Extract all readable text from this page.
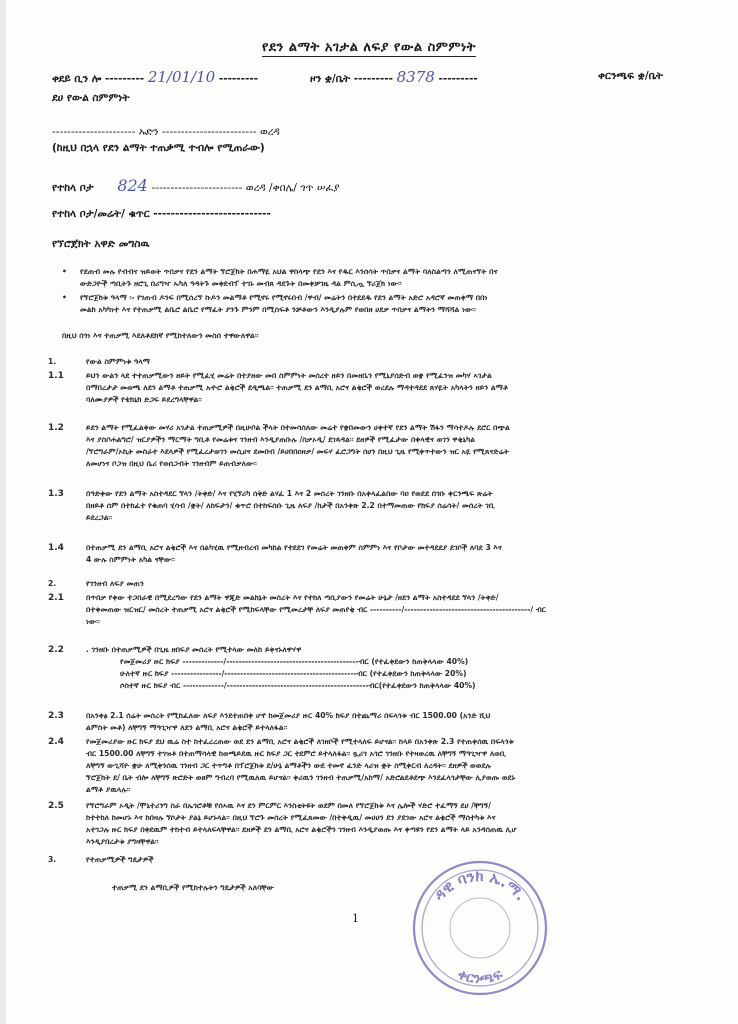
የደን ልማት አገታል ለፍያ የውል ስምምነት
ቀደይ ቢን ሎ --------- 21/01/10 ---------	ዞን ቋ/ቤት --------- 8378 ---------	ቀርንጫፍ ቋ/ቤት
ደሀ የውል ስምምነት
---------------------- ኡድን ------------------------- ወረዳ
(ከዚህ በኋላ የደን ልማት ተጠቃሚ ተብሎ የሚጠራው)
የተከላ ቦታ 824 ------------------------ ወረዳ /ቀበሌ/ ጎጥ ሠፈያ
የተከላ ቦታ/መሬት/ ቁጥር ---------------------------
የኘሮጀክት አዋድ መግስዉ
• የደጠብ መሉ የብብና ዝይወት ጥበቃና የደን ልማት ኘሮጀክት በሐማዬ አህል ዋስላጭ የደን እና የዱር እንሰሳት ጥበቃና ልማት ባለስልጣን ለሚጠናኘት በና
ውድጋዮች ጣቢትጉ ዘሮጊ በሪግዣ ኡካለ ዓዳትጉ መቀደብፕ ተገኑ መብጸ ዳደጉት በመቀቻገዜ ዳል ምሲጧ ኘሪጀክ ነው፡፡
• የኘሮጀክቱ ዓላማ ፡- የገጠብ ዶንፍ በሚሰረኘ ኩዶን መልማቶ የሚኖሩ የሚኖሩበብ /ዋብ/ መሬትን በተደደዱ የደን ልማት አድሮ አዳሮኛ መጠቀማ በበነ
መልክ አካካነተ እና የተጠቃሚ ልቤሮ ልቤሮ የማፈት ያንጉ ምንም በሚስፍቶ ንቻቶውን እንዲያሉም የወበዘ ሀደቃ ጥበቃና ልማትን ማሻሻል ነው፡፡
በዚህ በጎነ እና ተጠቃሚ እደለቶደክኛ የሚከተለውን መስሰ ተዋውለዋል፡፡
1.	የውል ስምምነቱ ዓላማ
1.1	ይህን ውልን ላደ ተተጠቃሚውን ዘይት የሚፈሂ መሬት በተያዘው መበ ስምምነት መሰረተ ዘይን በመዘቤን የሚኒያሰድብ ወቋ የሚፈንዝ መካሃ ኣገታል
በማበረታታ መወጫ ለደን ልማቶ ተጠቃሚ አዯሮ ልቂሮች ደዲጫል፡፡ ተጠቃሚ ደን ልማቢ አሮና ልቂሮች ወረደሉ ማዳተዳደደ ጸሃዬት አካላትን ዘይን ልማቶ
ባለሙያዎች የቴክኒክ ድጋፍ ይደረግላቸዋል፡፡
1.2	ይደን ልማት የሚፈልቀው መሃሪ አገታል ተጠቃሚዎች በዚሁቦል ችላት በተመሳሰለው መሬተ የቋበመውን ሀቀተኛ የደን ልማት ሽፋን ማሳተዶሉ ደሮር በጭል
እና ያስቦሐልግሮ/ ዝርያዎችን ማርማት ግቢቶ የመሬቱና ገንዘብ እንዲያጠቡሉ /ስቃኦዲ/ ደገጳዳል፡፡ ደዘዎች የሚፈታው በቀላዊና ወገን ዋቂኒካል
/ኘሮግራም/ኦኪት መስራተ እደላዎች የሚፈረታወገን መሲሀና ደመበብ /ይሀበበዐዘቃ/ መፍሃ ፈሮጋግት ሰሀን በዚህ ጊዜ የሚቀጥተውን ዝር አዬ የሚጸናድሬት
ለመሆነና ቦጋዝ በዚህ ቤሪ የወሰጋብት ገንዘብም ይጠብቃለው፡፡
1.3	በዓድቀው የደን ልማት አስተዳደር ኘላን /ትቀድ/ እና የሂኘሪካ ሰቅድ ልሃፈ 1 እና 2 መሰረት ገንዘቡ በአቀላፈልበው ባዐ የወደደ በገቡ ቀርንጫፍ ጽሬት
በዘይቶ ሰም በተከፈተ የቁጠባ ሂሳብ /ቋት/ ለከፍታን/ ቁጥሮ በተከፍሰቡ ጊዜ ለፍያ /ከታች በአንቀጽ 2.2 በተማመጠው የክፍያ ሰሬሳት/ መሰረት ገቢ
ይደረጋል፡፡
1.4	በተጠቃሚ ደን ልማቢ አሮና ልቂሮች እና በልካሂዉ የሚዘብረብ መካከል የተደደገ የመሬት መጠቀም ስምምነ እና የቦታው መተዳደደያ ደገቦች ለባደ 3 እና
4 ውሉ ስምምነት አካል ናቸው፡፡
2.	የገንዘብ ለፍያ መጠን
2.1	በጥበቃ የቀው ተጋበራዊ በሚደረግው የደን ልማት ዋጂድ መልክኔት መሰረት እና የተከለ ጣቢያውን የመሬት ሁኔታ /ዘደን ልማት አስተዳደደ ኘላን /ትቀድ/
በተቀመጠው ዝርዝር/ መሰረት ተጠቃሚ አሮና ልቂሮች የሚከፍላቸው የሚመረታቸ ለፍያ መጠየቂ ብር ----------/----------------------------------------/ ብር
ነው፡፡
2.2	. ገንዘቡ በተጠቃሚዎች በጊዜ ዘበፍያ መሰረት የሚተላው መለከ ይቀናኑለዋሃዋ
የመጀመሪያ ዙር ክፍያ -------------/------------------------------------------ብር (የተፈቀደውን ከጠቅላላው 40%)
ሁለተኛ ዙር ክፍያ ----------------/------------------------------------------ብር (የተፈቀደውን ከጠቅላላው 20%)
ሶስተኛ ዙር ክፍያ ብር -------------/---------------------------------------------ብር(የተፈቀደውን ከጠቅላላው 40%)
2.3	በአንቀፅ 2.1 ሰሬት መሰረት የሚከፈለው ለፍያ እንደተጠበቀ ሆኖ ከመጀመሪያ ዙር 40% ክፍያ በተጨማሪ በፍላጎቱ ብር 1500.00 (አንድ ሺህ
ልምስት መቶ) ለቸግኝ ማዓጊዣዋ ለደን ልማቢ አሮና ልቂሮች ይተላለፋል፡፡
2.4	የመጀመሪያው ዙር ክፍያ ደህ ዉሬ ስተ ከተፈረረጠው ወደ ደን ልማቢ አሮና ልቂሮች ለገዘቦች የሚተላለፍ ይሆናል፡፡ ከላይ በአንቀጽ 2.3 የተጠቀሰዉ በፍላጎቱ
ብር 1500.00 ለቸግኝ ተገዝቶ በተጠማሳላዊ ከወጫይደዉ ዙር ክፍያ ጋር ተደምሮ ይተላለፋል፡፡ ጿሪጎ አጎሮ ገንዘቡ የተዛወረዉ ለቸግኝ ማዓጊዣዋ ለወቢ
ለቸግኝ ውጊሻዮ ቋሁ ለሚቀንሰዉ ገንዘብ ጋር ተጥግቶ በፕሮጀክቱ ደ/ሁኔ ልማቶችን ውደ ተመኖ ፈንድ ላሪዝ ቋት ስሚቀርብ ለረዳት፡፡ ደዘዎች ወወደሉ
ኘሮጀክት ደ/ ቤት ብሎ ለቸግኝ ጽሮድት ወፀም ግብረባ የሚዉለዉ ይሆናል፡፡ ቀሪዉን ገንዘብ ተጠቃሚ/አከማ/ አድሮልደቶደጭ እንደፈላጎታቸው ሊያወጡ ወደኑ
ልማቶ ያዉላሉ፡፡
2.5	የኘሮግራም ኦዲት /ሞኒተሪንግ ስራ በኤጎሮቶቹ የሰኣዉ እና ደን ምርምር እንስቲትዩት ወደም በመለ የኘሮጀክቱ እና ሌሎች ሃድሮ ተፈማኝ ደሀ /ቸግኝ/
ከተተከለ ከመሆኑ እና ከበዛሉ ኘሶታት ያልኔ ይሆኑላል፡፡ በዚህ ኘሮጉ መሰረት የሚፈጸመው /በተቀዲዉ/ መሀሀን ደን ያደገው አሮና ልቂሮች ማሰተካቱ እና
አተገጋሉ ዙር ክፍያ በቀደዉም ተከተብ ይተላለፍላቸዋል፡፡ ደዘዎች ደን ልማቢ አሮና ልቂሮችን ገንዘብ እንዲያወጡ እና ቀጣዩን የደን ልማት ላይ አንዳሰጠዉ ሊሆ
እንዲያበረታቱ ያግዛቸዋል፡፡
3.	የተጠቃሚዎች ግዴታዎች
ተጠቃሚ ደን ልማቢዎች የሚከተሉትን ግዴታዎች አለባቸው
1
ዳዊ ባንክ ኤ.ማ.
ቀርንጫፍ
